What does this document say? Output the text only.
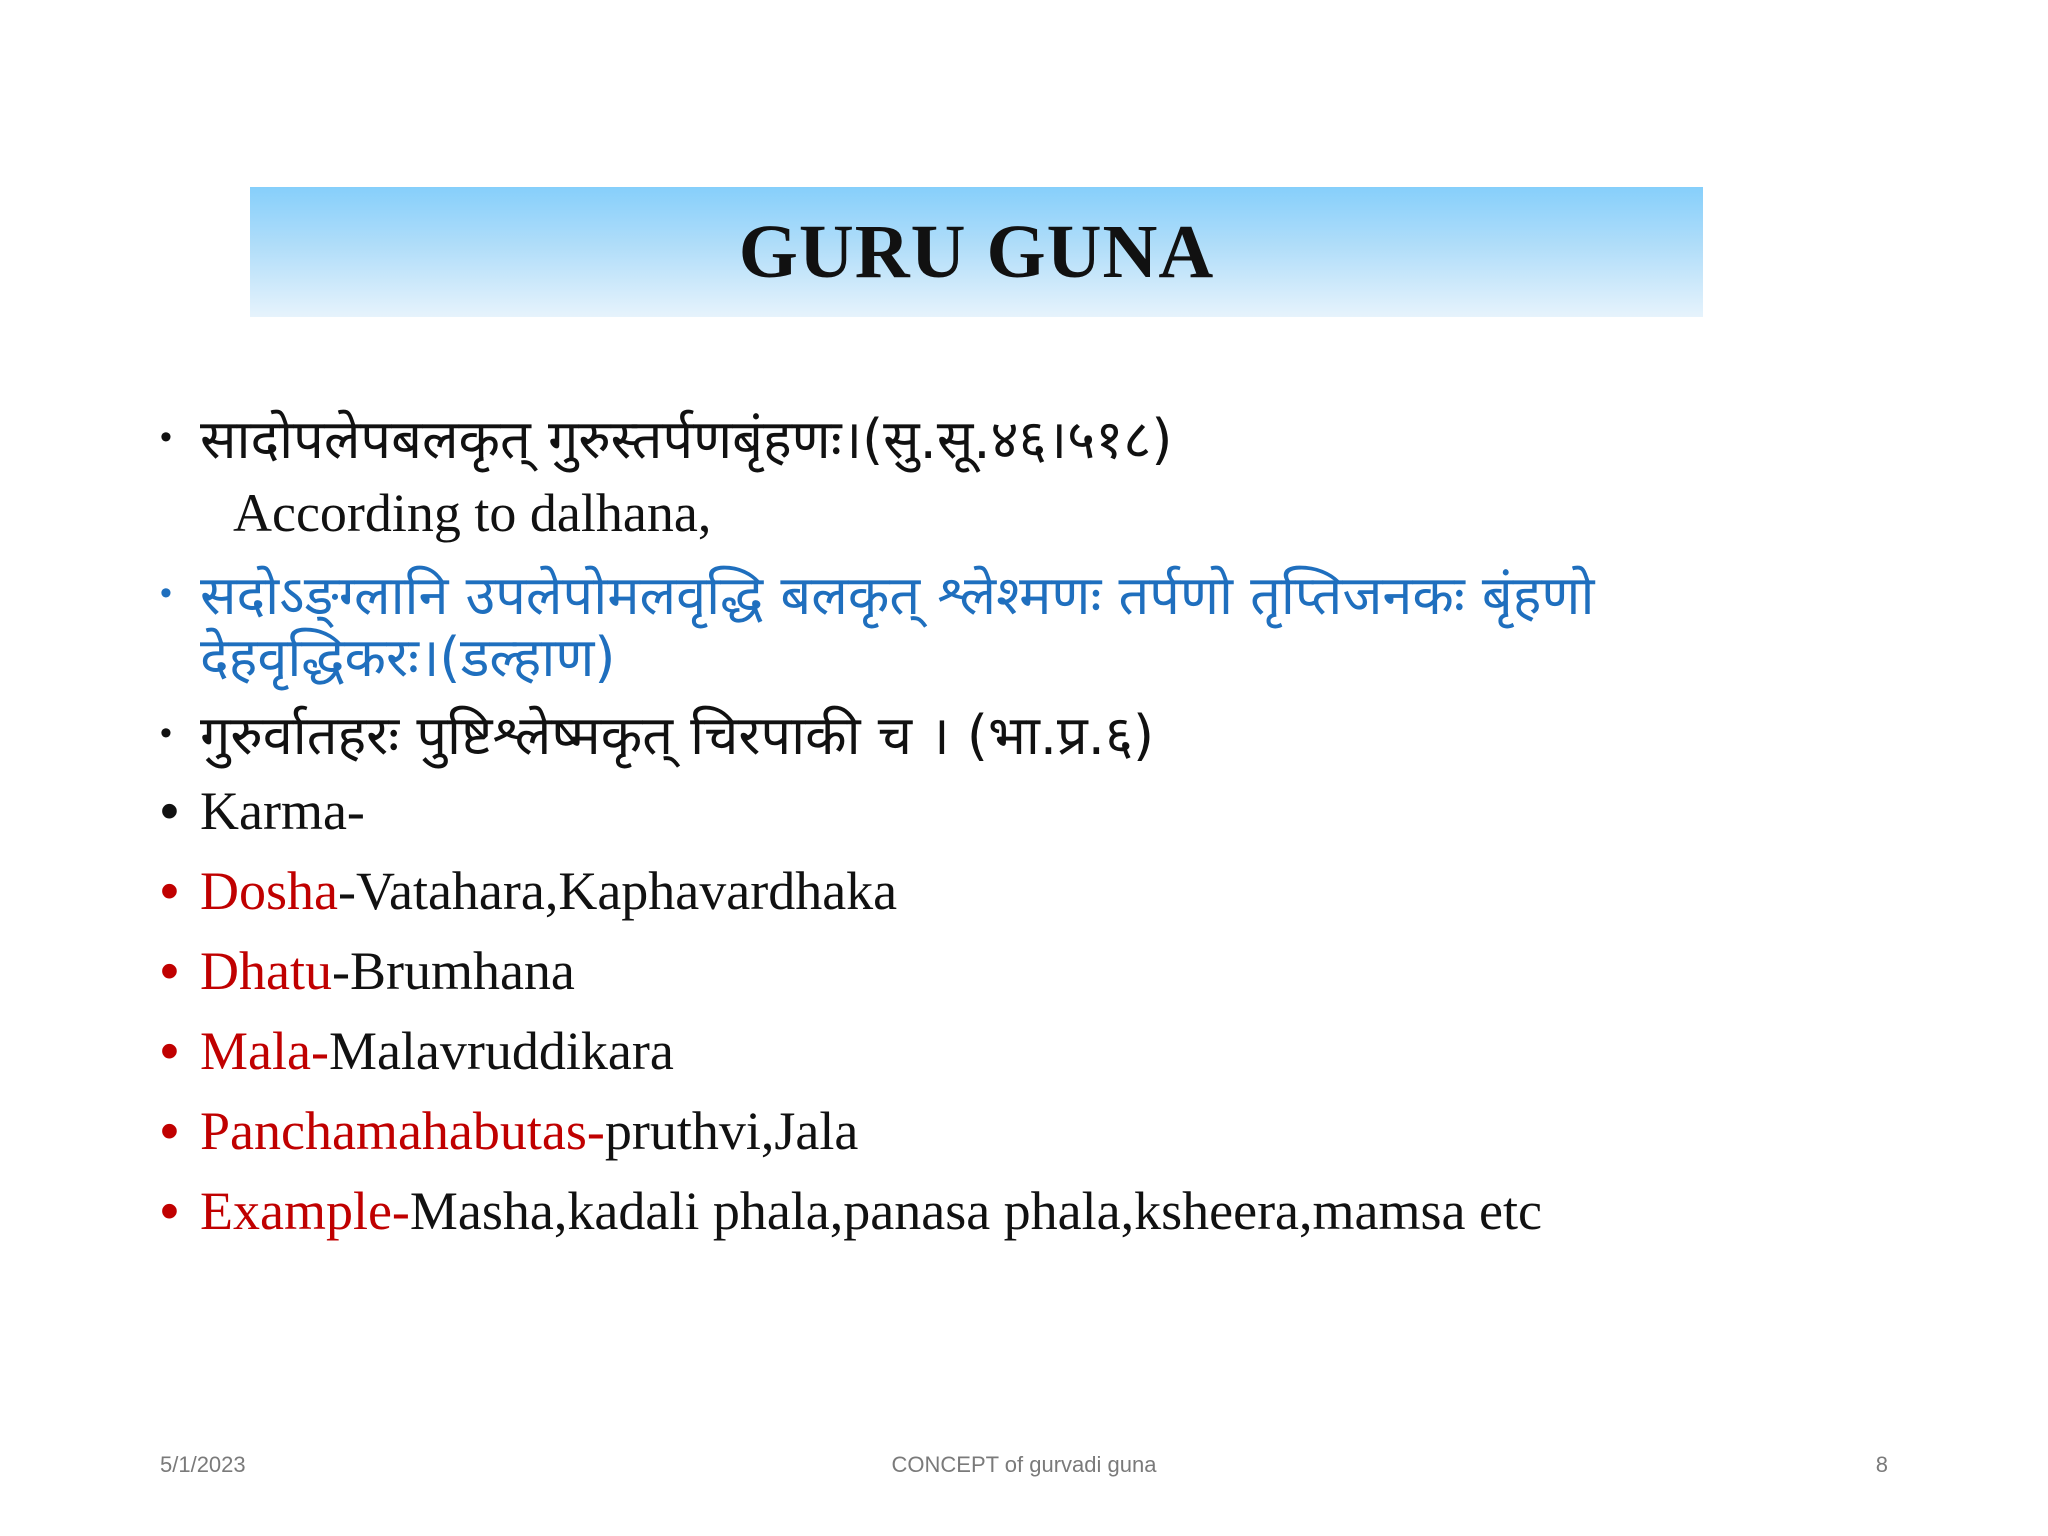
GURU GUNA
• सादोपलेपबलकृत् गुरुस्तर्पणबृंहणः।(सु.सू.४६।५१८)
According to dalhana,
• सदोऽङ्ग्लानि उपलेपोमलवृद्धि बलकृत् श्लेश्मणः तर्पणो तृप्तिजनकः बृंहणो
देहवृद्धिकरः।(डल्हाण)
• गुरुर्वातहरः पुष्टिश्लेष्मकृत् चिरपाकी च । (भा.प्र.६)
• Karma-
• Dosha-Vatahara,Kaphavardhaka
• Dhatu-Brumhana
• Mala-Malavruddikara
• Panchamahabutas-pruthvi,Jala
• Example-Masha,kadali phala,panasa phala,ksheera,mamsa etc
5/1/2023	CONCEPT of gurvadi guna	8
